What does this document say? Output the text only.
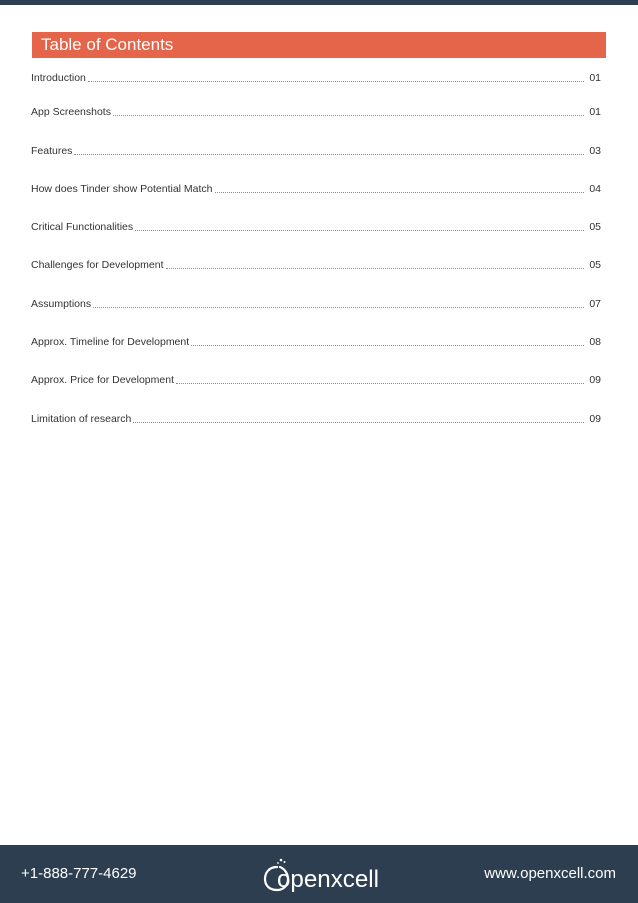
Table of Contents
Introduction	01
App Screenshots	01
Features	03
How does Tinder show Potential Match	04
Critical Functionalities	05
Challenges for Development	05
Assumptions	07
Approx. Timeline for Development	08
Approx. Price for Development	09
Limitation of research	09
+1-888-777-4629	openxcell	www.openxcell.com
